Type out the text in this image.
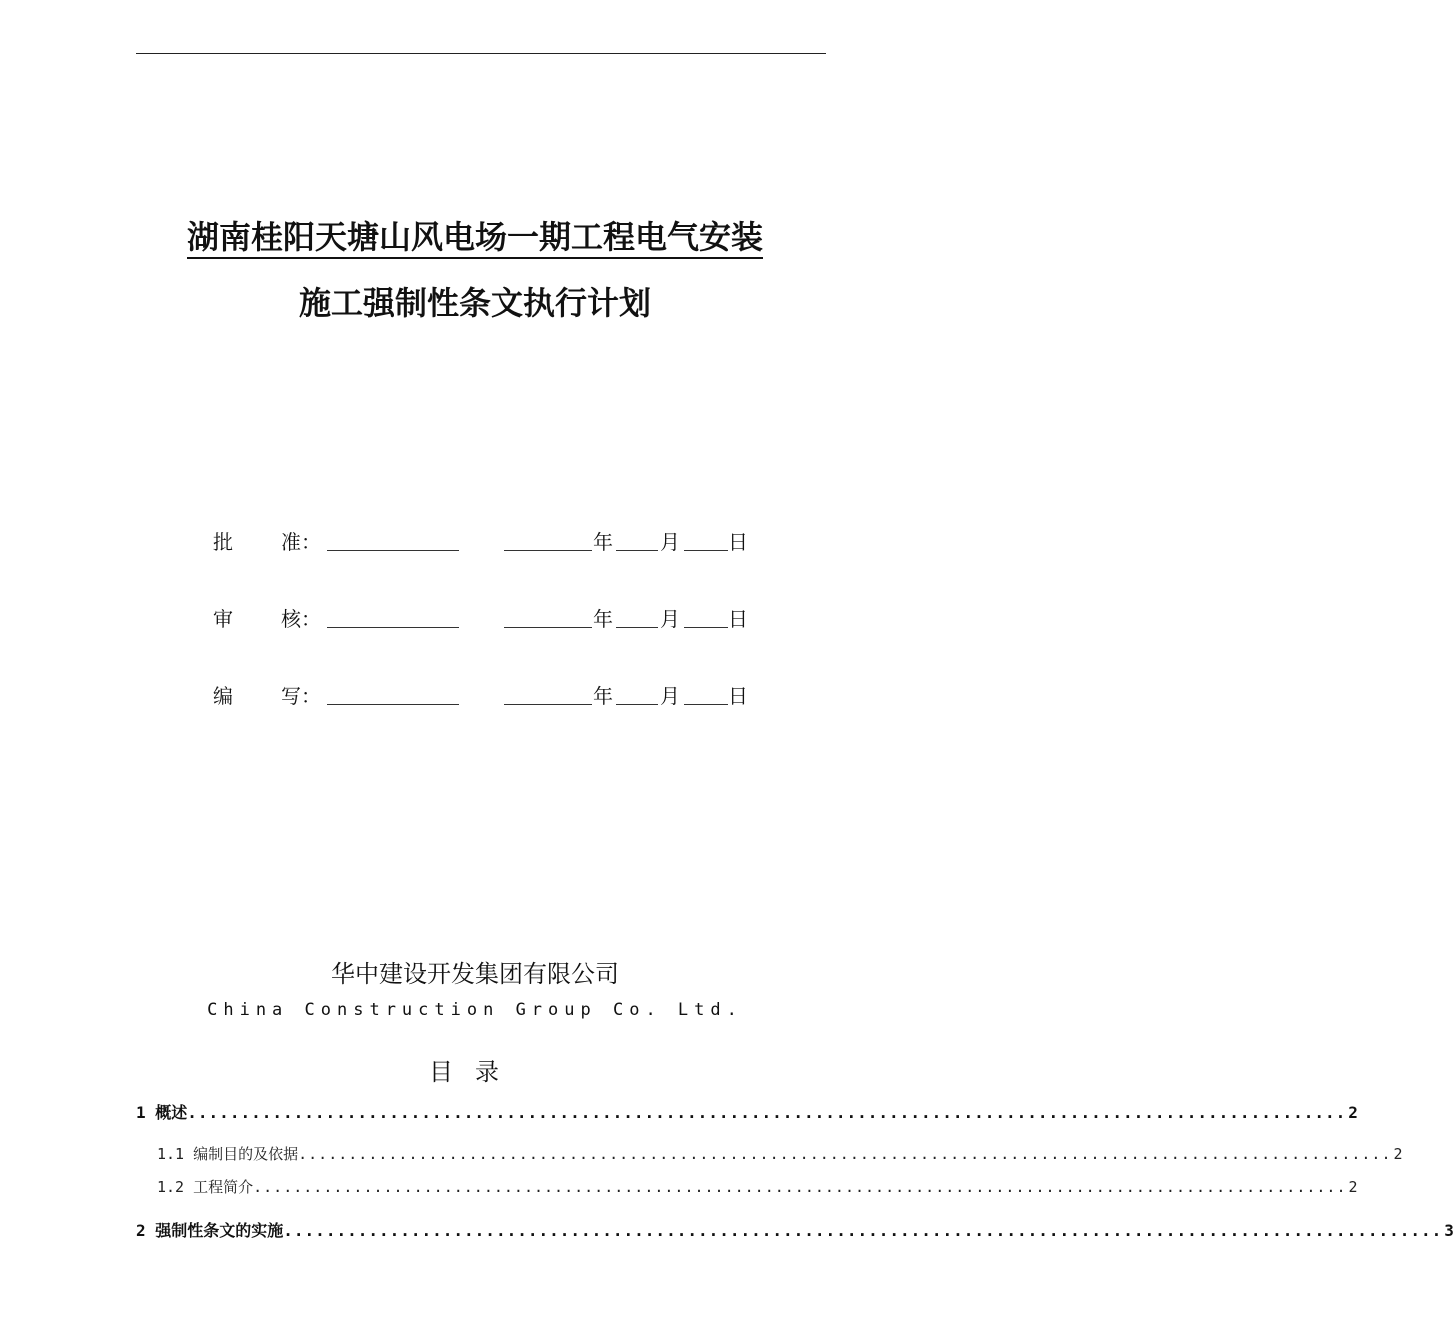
湖南桂阳天塘山风电场一期工程电气安装
施工强制性条文执行计划
批 准：	年 月 日
审 核：	年 月 日
编 写：	年 月 日
华中建设开发集团有限公司
China Construction Group Co. Ltd.
目录
1 概述 ............................................................................................................. 2
1.1 编制目的及依据 ............................................................................................................. 2
1.2 工程简介 ............................................................................................................. 2
2 强制性条文的实施 ............................................................................................................. 3
